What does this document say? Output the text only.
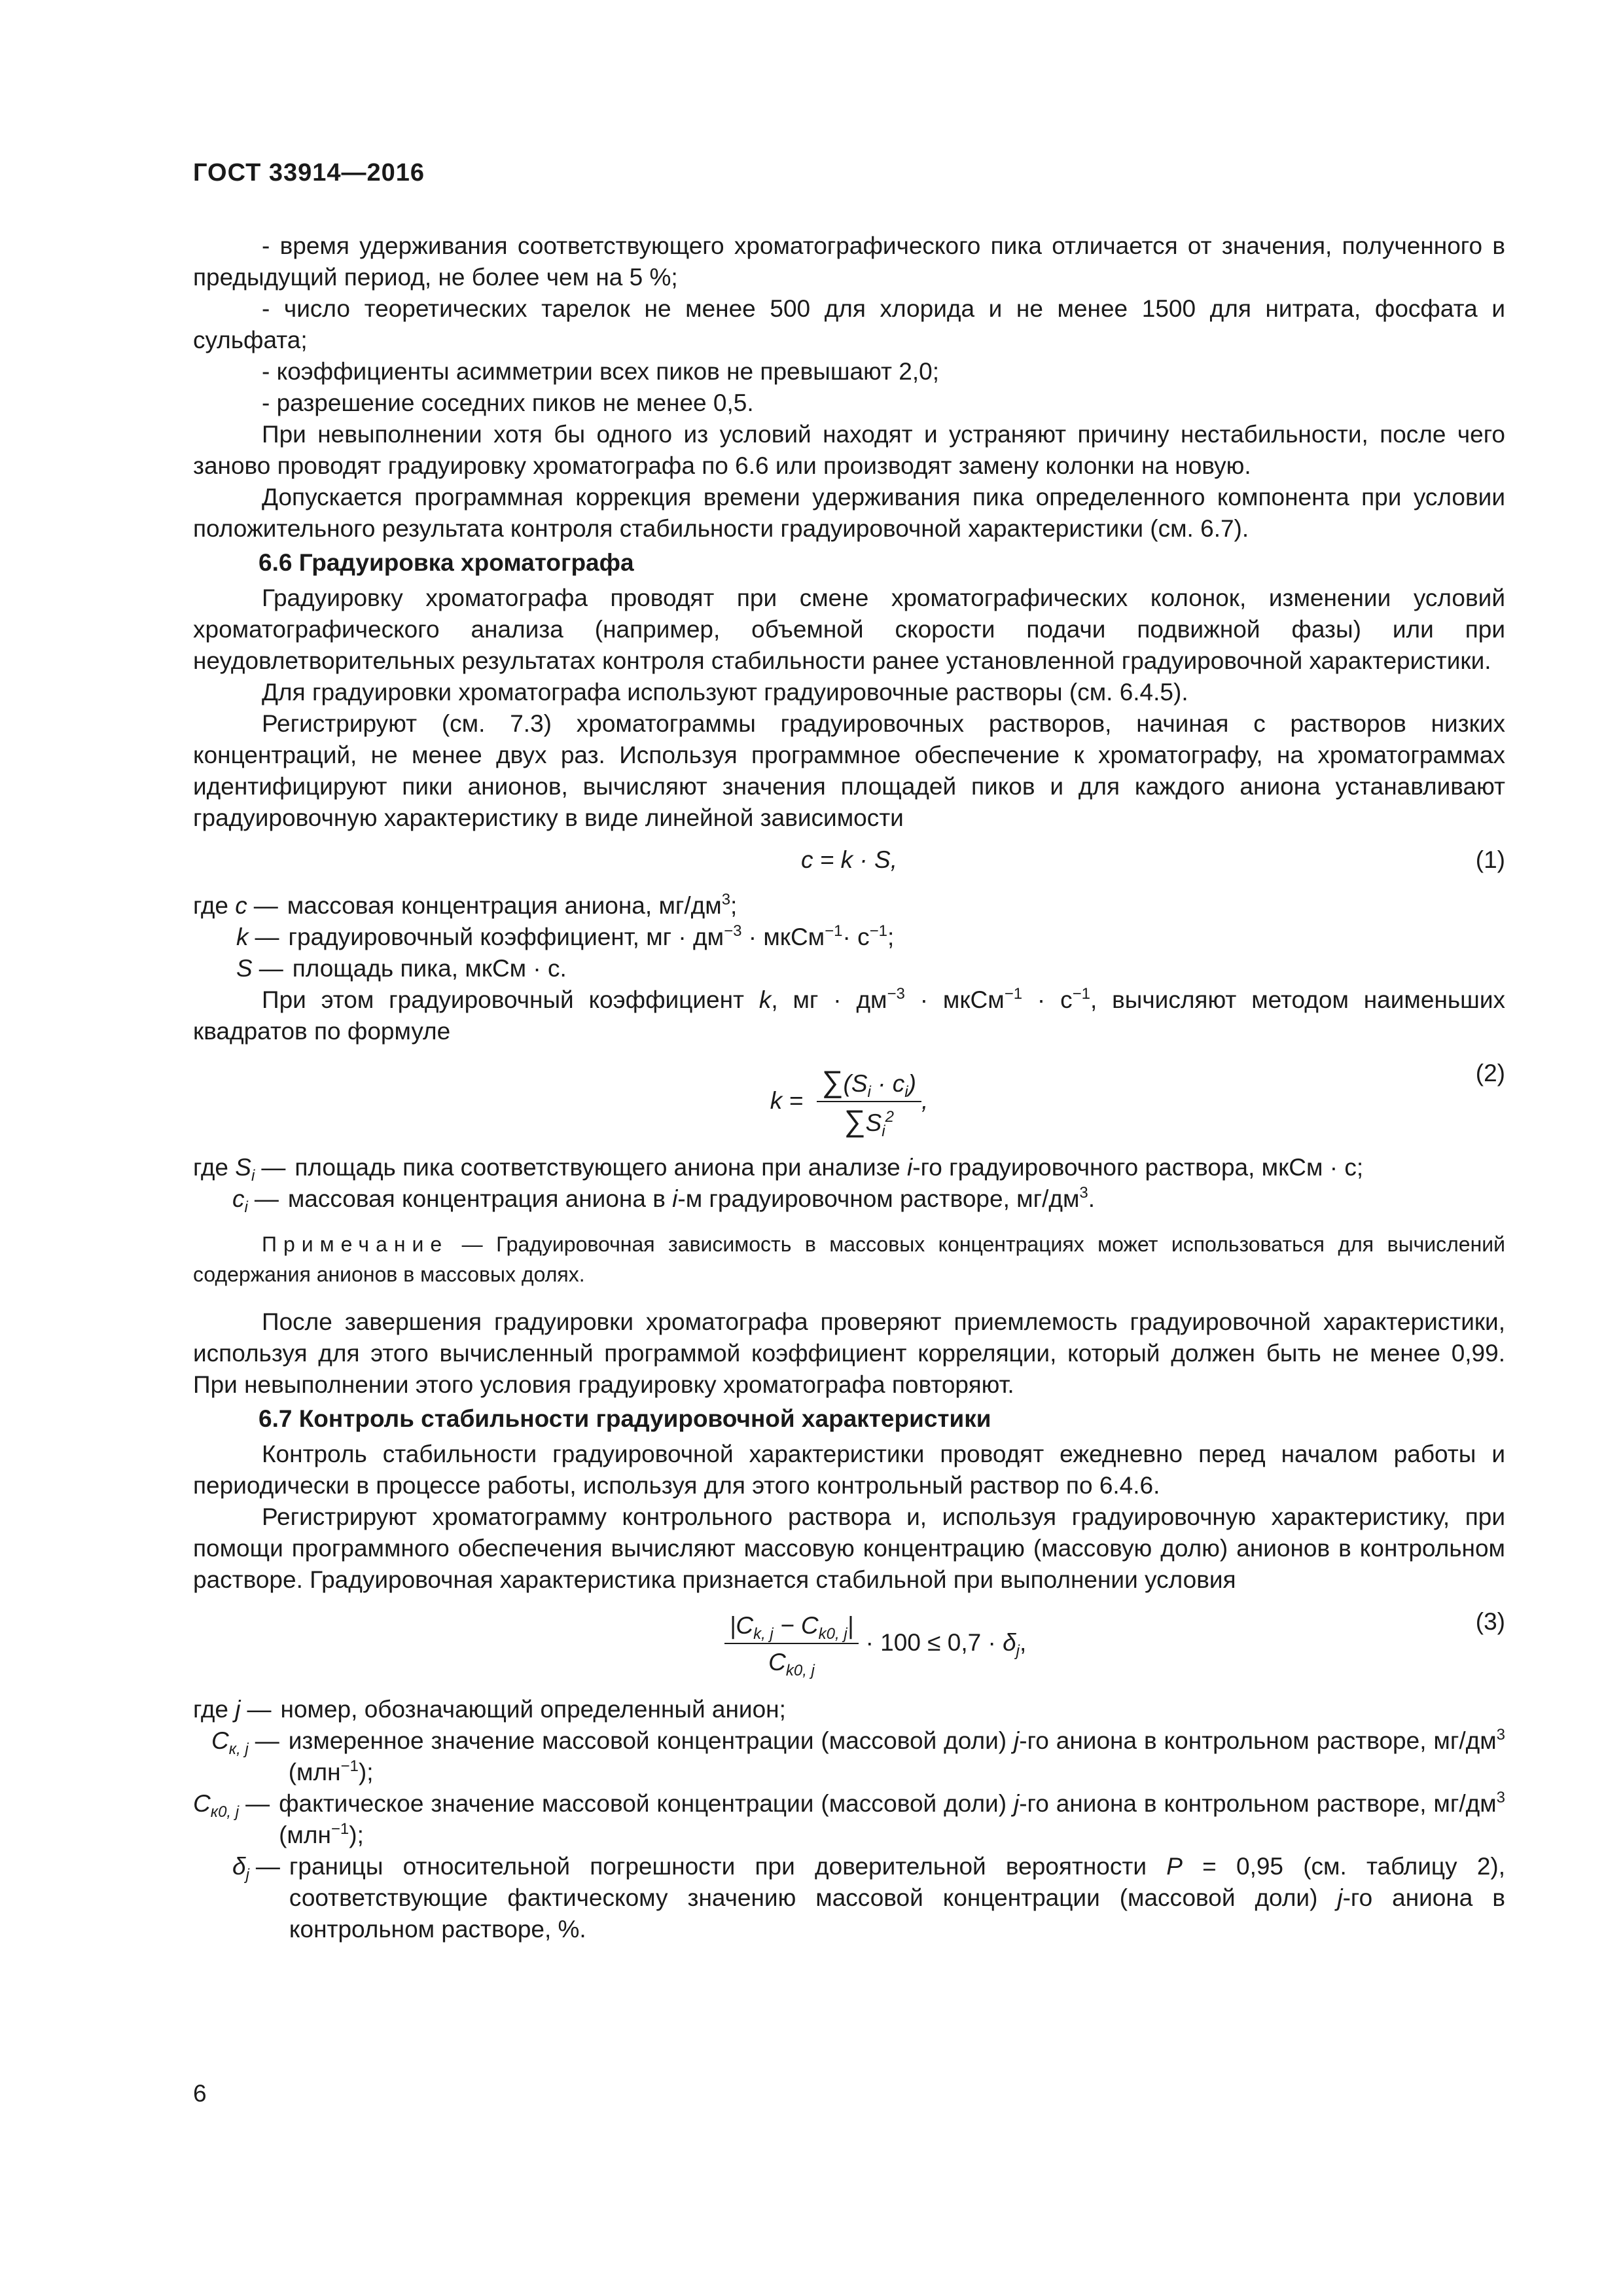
ГОСТ 33914—2016

- время удерживания соответствующего хроматографического пика отличается от значения, полученного в предыдущий период, не более чем на 5 %;

- число теоретических тарелок не менее 500 для хлорида и не менее 1500 для нитрата, фосфата и сульфата;

- коэффициенты асимметрии всех пиков не превышают 2,0;

- разрешение соседних пиков не менее 0,5.

При невыполнении хотя бы одного из условий находят и устраняют причину нестабильности, после чего заново проводят градуировку хроматографа по 6.6 или производят замену колонки на новую.

Допускается программная коррекция времени удерживания пика определенного компонента при условии положительного результата контроля стабильности градуировочной характеристики (см. 6.7).

6.6 Градуировка хроматографа

Градуировку хроматографа проводят при смене хроматографических колонок, изменении условий хроматографического анализа (например, объемной скорости подачи подвижной фазы) или при неудовлетворительных результатах контроля стабильности ранее установленной градуировочной характеристики.

Для градуировки хроматографа используют градуировочные растворы (см. 6.4.5).

Регистрируют (см. 7.3) хроматограммы градуировочных растворов, начиная с растворов низких концентраций, не менее двух раз. Используя программное обеспечение к хроматографу, на хроматограммах идентифицируют пики анионов, вычисляют значения площадей пиков и для каждого аниона устанавливают градуировочную характеристику в виде линейной зависимости

c = k · S,	(1)
где
c — массовая концентрация аниона, $мг/дм^3$;
k — градуировочный коэффициент, мг · $дм^{-3}$ · мкСм$^{-1}$· $с^{-1}$;
S — площадь пика, мкСм · с.

При этом градуировочный коэффициент k, мг · $дм^{-3}$ · мкСм$^{-1}$ · $с^{-1}$, вычисляют методом наименьших квадратов по формуле

$k = \frac{\sum(S_i \cdot c_i)}{\sum S_i^2}$ ,
(2)
где
$S_i$ — площадь пика соответствующего аниона при анализе i-го градуировочного раствора, мкСм · с;
$c_i$ — массовая концентрация аниона в i-м градуировочном растворе, $мг/дм^3$.

Примечание — Градуировочная зависимость в массовых концентрациях может использоваться для вычислений содержания анионов в массовых долях.

После завершения градуировки хроматографа проверяют приемлемость градуировочной характеристики, используя для этого вычисленный программой коэффициент корреляции, который должен быть не менее 0,99. При невыполнении этого условия градуировку хроматографа повторяют.

6.7 Контроль стабильности градуировочной характеристики

Контроль стабильности градуировочной характеристики проводят ежедневно перед началом работы и периодически в процессе работы, используя для этого контрольный раствор по 6.4.6.

Регистрируют хроматограмму контрольного раствора и, используя градуировочную характеристику, при помощи программного обеспечения вычисляют массовую концентрацию (массовую долю) анионов в контрольном растворе. Градуировочная характеристика признается стабильной при выполнении условия

$\frac{|C_{k, j} - C_{k0, j}|}{C_{k0, j}} \cdot 100 \le 0,7 \cdot \delta_j$,
(3)
где
j — номер, обозначающий определенный анион;
$C_{к, j}$ — измеренное значение массовой концентрации (массовой доли) j-го аниона в контрольном растворе, $мг/дм^3$ (млн$^{-1}$);
$C_{к0, j}$ — фактическое значение массовой концентрации (массовой доли) j-го аниона в контрольном растворе, $мг/дм^3$ (млн$^{-1}$);
$\delta_j$ — границы относительной погрешности при доверительной вероятности P = 0,95 (см. таблицу 2), соответствующие фактическому значению массовой концентрации (массовой доли) j-го аниона в контрольном растворе, %.
6
